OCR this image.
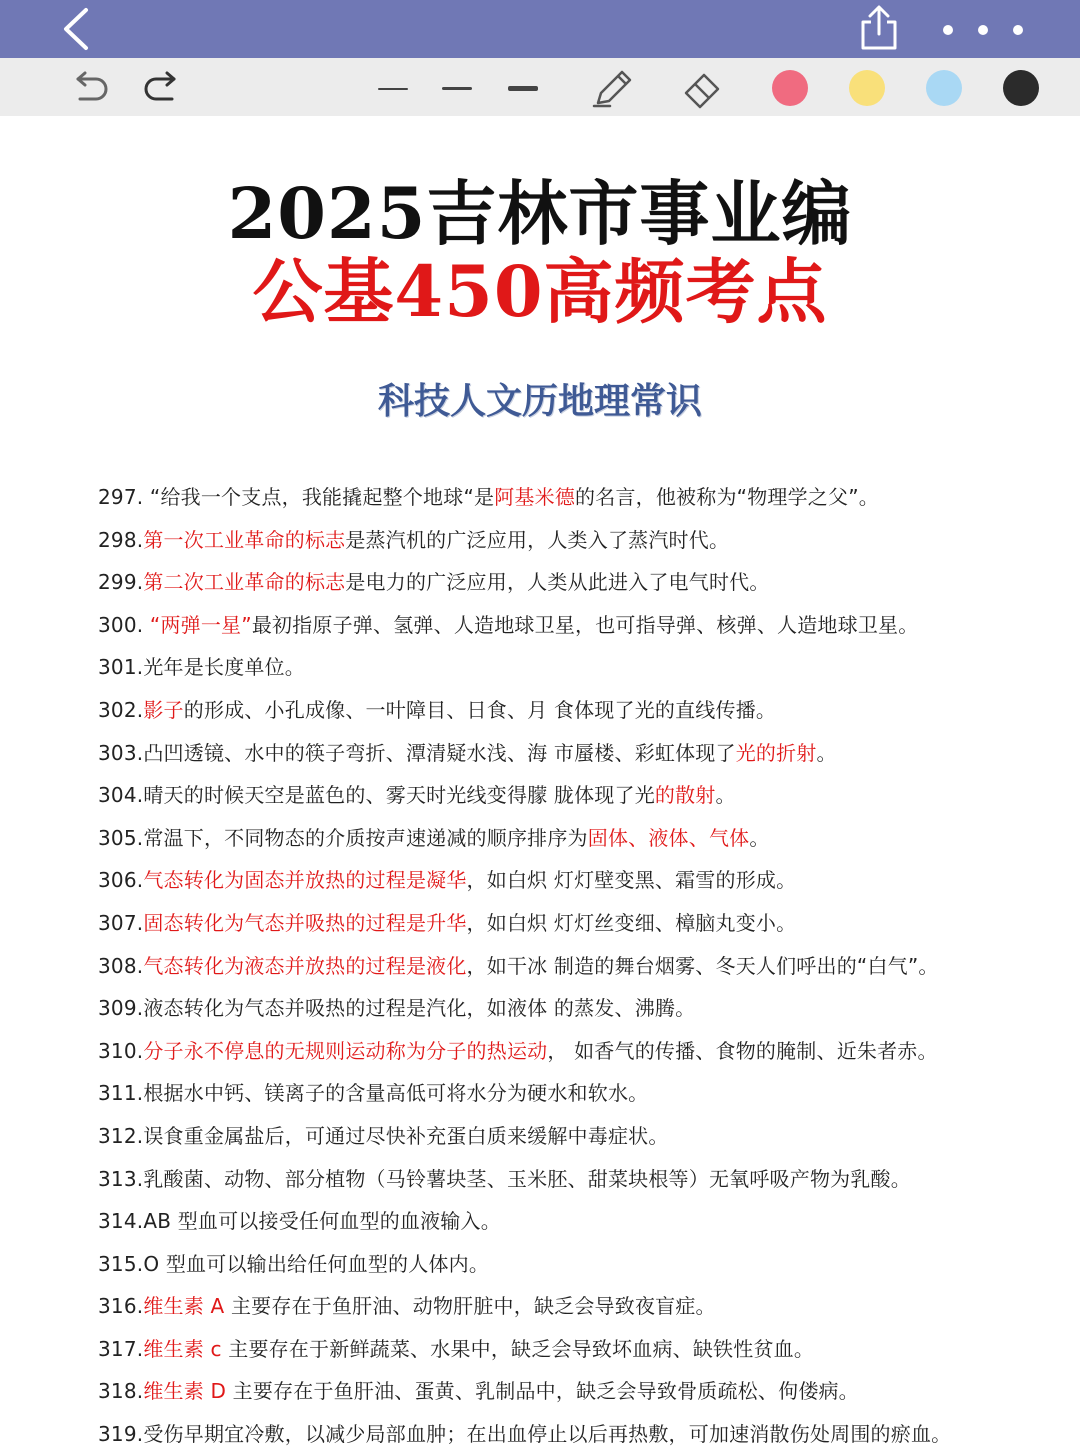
2025吉林市事业编
公基450高频考点
科技人文历地理常识
297. “给我一个支点，我能撬起整个地球“是阿基米德的名言，他被称为“物理学之父”。
298.第一次工业革命的标志是蒸汽机的广泛应用，人类入了蒸汽时代。
299.第二次工业革命的标志是电力的广泛应用，人类从此进入了电气时代。
300. “两弹一星”最初指原子弹、氢弹、人造地球卫星，也可指导弹、核弹、人造地球卫星。
301.光年是长度单位。
302.影子的形成、小孔成像、一叶障目、日食、月 食体现了光的直线传播。
303.凸凹透镜、水中的筷子弯折、潭清疑水浅、海 市蜃楼、彩虹体现了光的折射。
304.晴天的时候天空是蓝色的、雾天时光线变得朦 胧体现了光的散射。
305.常温下，不同物态的介质按声速递减的顺序排序为固体、液体、气体。
306.气态转化为固态并放热的过程是凝华，如白炽 灯灯壁变黑、霜雪的形成。
307.固态转化为气态并吸热的过程是升华，如白炽 灯灯丝变细、樟脑丸变小。
308.气态转化为液态并放热的过程是液化，如干冰 制造的舞台烟雾、冬天人们呼出的“白气”。
309.液态转化为气态并吸热的过程是汽化，如液体 的蒸发、沸腾。
310.分子永不停息的无规则运动称为分子的热运动， 如香气的传播、食物的腌制、近朱者赤。
311.根据水中钙、镁离子的含量高低可将水分为硬水和软水。
312.误食重金属盐后，可通过尽快补充蛋白质来缓解中毒症状。
313.乳酸菌、动物、部分植物（马铃薯块茎、玉米胚、甜菜块根等）无氧呼吸产物为乳酸。
314.AB 型血可以接受任何血型的血液输入。
315.O 型血可以输出给任何血型的人体内。
316.维生素 A 主要存在于鱼肝油、动物肝脏中，缺乏会导致夜盲症。
317.维生素 c 主要存在于新鲜蔬菜、水果中，缺乏会导致坏血病、缺铁性贫血。
318.维生素 D 主要存在于鱼肝油、蛋黄、乳制品中，缺乏会导致骨质疏松、佝偻病。
319.受伤早期宜冷敷，以减少局部血肿；在出血停止以后再热敷，可加速消散伤处周围的瘀血。
